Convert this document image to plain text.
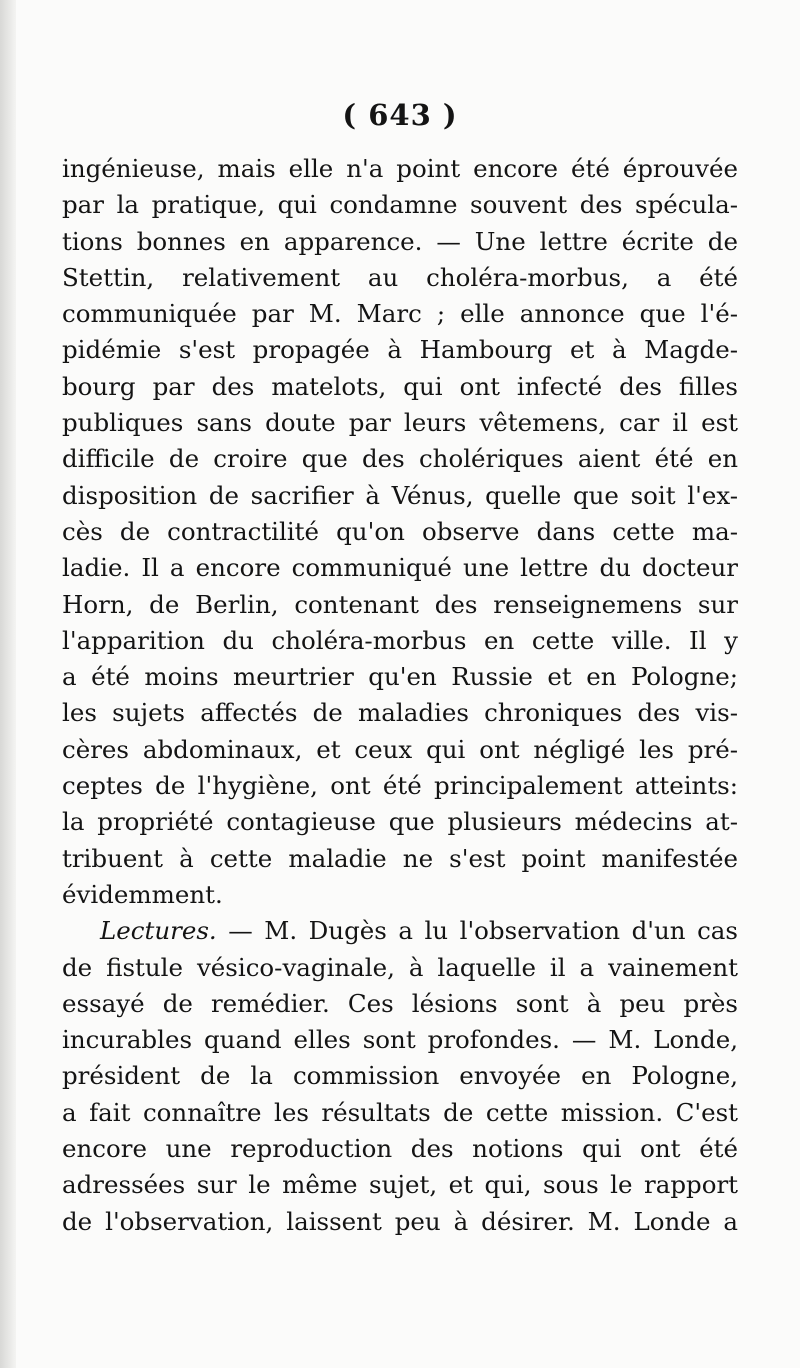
( 643 )
ingénieuse, mais elle n'a point encore été éprouvée
par la pratique, qui condamne souvent des spécula-
tions bonnes en apparence. — Une lettre écrite de
Stettin, relativement au choléra-morbus, a été
communiquée par M. Marc ; elle annonce que l'é-
pidémie s'est propagée à Hambourg et à Magde-
bourg par des matelots, qui ont infecté des filles
publiques sans doute par leurs vêtemens, car il est
difficile de croire que des cholériques aient été en
disposition de sacrifier à Vénus, quelle que soit l'ex-
cès de contractilité qu'on observe dans cette ma-
ladie. Il a encore communiqué une lettre du docteur
Horn, de Berlin, contenant des renseignemens sur
l'apparition du choléra-morbus en cette ville. Il y
a été moins meurtrier qu'en Russie et en Pologne;
les sujets affectés de maladies chroniques des vis-
cères abdominaux, et ceux qui ont négligé les pré-
ceptes de l'hygiène, ont été principalement atteints:
la propriété contagieuse que plusieurs médecins at-
tribuent à cette maladie ne s'est point manifestée
évidemment.
Lectures. — M. Dugès a lu l'observation d'un cas
de fistule vésico-vaginale, à laquelle il a vainement
essayé de remédier. Ces lésions sont à peu près
incurables quand elles sont profondes. — M. Londe,
président de la commission envoyée en Pologne,
a fait connaître les résultats de cette mission. C'est
encore une reproduction des notions qui ont été
adressées sur le même sujet, et qui, sous le rapport
de l'observation, laissent peu à désirer. M. Londe a
